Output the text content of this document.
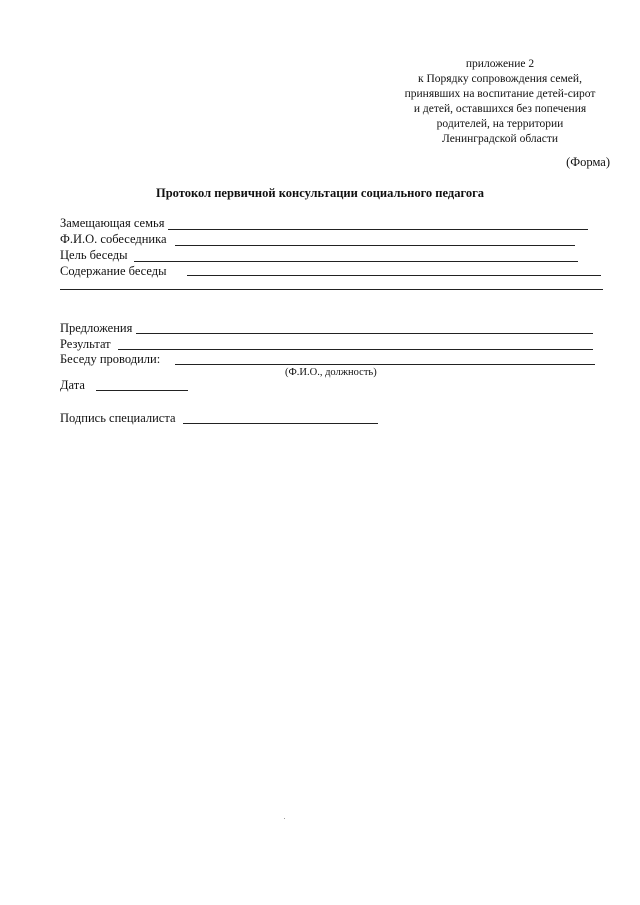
приложение 2
к Порядку сопровождения семей,
принявших на воспитание детей-сирот
и детей, оставшихся без попечения
родителей, на территории
Ленинградской области
(Форма)
Протокол первичной консультации социального педагога
Замещающая семья
Ф.И.О. собеседника
Цель беседы
Содержание беседы
Предложения
Результат
Беседу проводили:
(Ф.И.О., должность)
Дата
Подпись специалиста
